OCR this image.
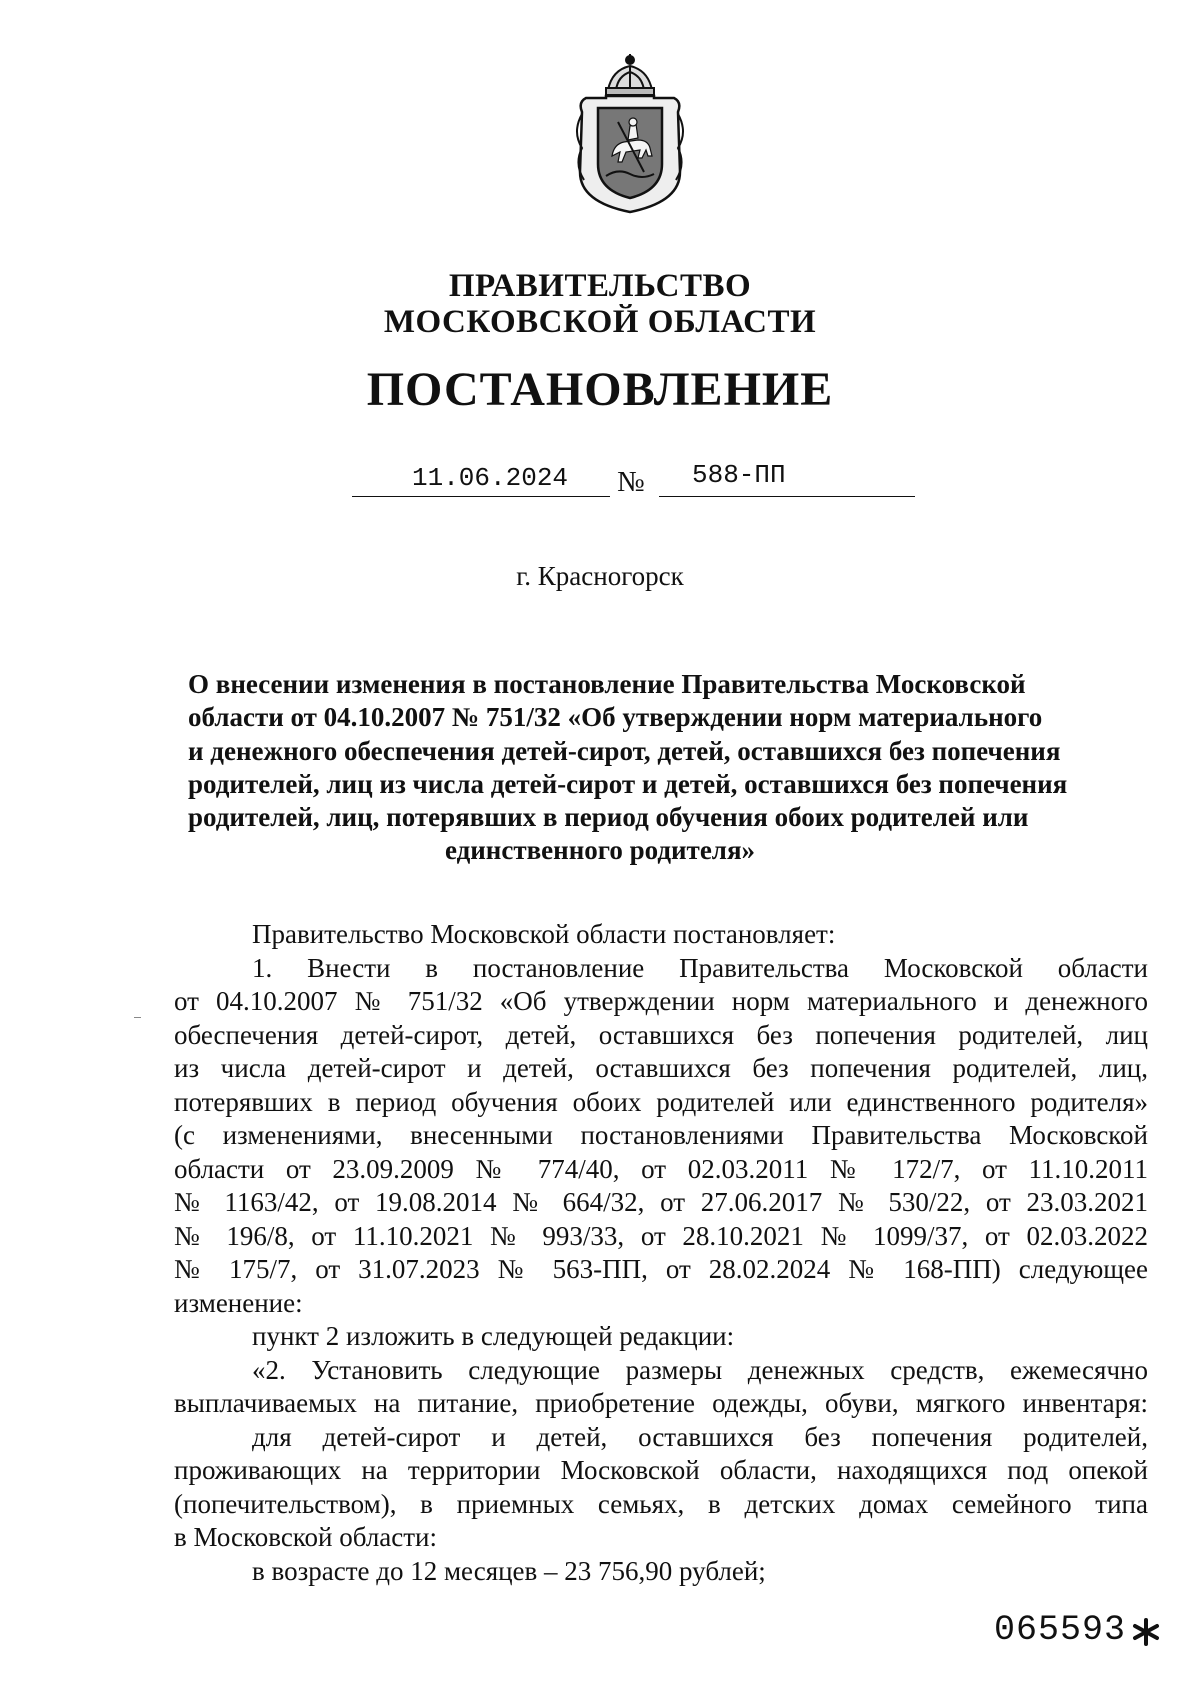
ПРАВИТЕЛЬСТВО
МОСКОВСКОЙ ОБЛАСТИ
ПОСТАНОВЛЕНИЕ
11.06.2024 № 588-ПП
г. Красногорск
О внесении изменения в постановление Правительства Московской
области от 04.10.2007 № 751/32 «Об утверждении норм материального
и денежного обеспечения детей-сирот, детей, оставшихся без попечения
родителей, лиц из числа детей-сирот и детей, оставшихся без попечения
родителей, лиц, потерявших в период обучения обоих родителей или
единственного родителя»
Правительство Московской области постановляет:
1. Внести в постановление Правительства Московской области
от 04.10.2007 № 751/32 «Об утверждении норм материального и денежного
обеспечения детей-сирот, детей, оставшихся без попечения родителей, лиц
из числа детей-сирот и детей, оставшихся без попечения родителей, лиц,
потерявших в период обучения обоих родителей или единственного родителя»
(с изменениями, внесенными постановлениями Правительства Московской
области от 23.09.2009 № 774/40, от 02.03.2011 № 172/7, от 11.10.2011
№ 1163/42, от 19.08.2014 № 664/32, от 27.06.2017 № 530/22, от 23.03.2021
№ 196/8, от 11.10.2021 № 993/33, от 28.10.2021 № 1099/37, от 02.03.2022
№ 175/7, от 31.07.2023 № 563-ПП, от 28.02.2024 № 168-ПП) следующее
изменение:
пункт 2 изложить в следующей редакции:
«2. Установить следующие размеры денежных средств, ежемесячно
выплачиваемых на питание, приобретение одежды, обуви, мягкого инвентаря:
для детей-сирот и детей, оставшихся без попечения родителей,
проживающих на территории Московской области, находящихся под опекой
(попечительством), в приемных семьях, в детских домах семейного типа
в Московской области:
в возрасте до 12 месяцев – 23 756,90 рублей;
065593
